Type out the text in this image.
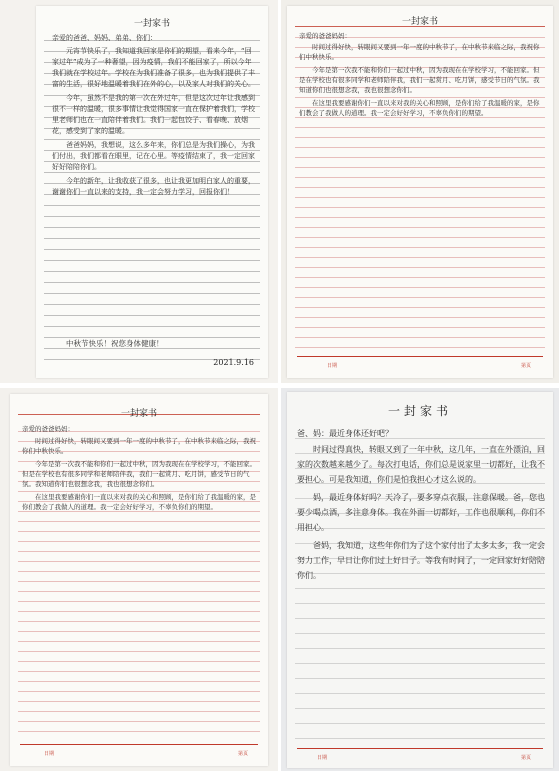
一封家书
亲爱的爸爸、妈妈、弟弟、你们：

元宵节快乐了，我知道我回家是你们的期望，看来今年，“回家过年”成为了一种奢望，因为疫情，我们不能回家了，所以今年我们就在学校过年。学校在为我们准备了很多，也为我们提供了丰富的生活，很好地温暖着我们在外的心，以及家人对我们的关心。

今年，虽然不是我的第一次在外过年，但是这次过年让我感到很不一样的温暖，很多事情让我觉得国家一直在保护着我们，学校里老师们也在一直陪伴着我们。我们一起包饺子、看春晚、放烟花，感受到了家的温暖。

爸爸妈妈，我想说，这么多年来，你们总是为我们操心，为我们付出，我们都看在眼里，记在心里。等疫情结束了，我一定回家好好陪陪你们。

今年的新年，让我收获了很多，也让我更加明白家人的重要，谢谢你们一直以来的支持，我一定会努力学习，回报你们！

中秋节快乐！祝您身体健康！
2021.9.16
一封家书
亲爱的爸爸妈妈：

时间过得好快，转眼间又要到一年一度的中秋节了，在中秋节来临之际，我祝你们中秋快乐。

今年是第一次我不能和你们一起过中秋，因为我现在在学校学习，不能回家。但是在学校也有很多同学和老师陪伴我，我们一起赏月、吃月饼，感受节日的气氛。我知道你们也很想念我，我也很想念你们。

在这里我要感谢你们一直以来对我的关心和照顾，是你们给了我温暖的家，是你们教会了我做人的道理。我一定会好好学习，不辜负你们的期望。

日期	第页
一封家书
亲爱的爸爸妈妈：

时间过得好快，转眼间又要到一年一度的中秋节了，在中秋节来临之际，我祝你们中秋快乐。

今年是第一次我不能和你们一起过中秋，因为我现在在学校学习，不能回家。但是在学校也有很多同学和老师陪伴我，我们一起赏月、吃月饼，感受节日的气氛。我知道你们也很想念我，我也很想念你们。

在这里我要感谢你们一直以来对我的关心和照顾，是你们给了我温暖的家，是你们教会了我做人的道理。我一定会好好学习，不辜负你们的期望。

日期	第页
一封家书
爸、妈：最近身体还好吧？

时间过得真快，转眼又到了一年中秋，这几年，一直在外漂泊，回家的次数越来越少了。每次打电话，你们总是说家里一切都好，让我不要担心。可是我知道，你们是怕我担心才这么说的。

妈，最近身体好吗？天冷了，要多穿点衣服，注意保暖。爸，您也要少喝点酒，多注意身体。我在外面一切都好，工作也很顺利，你们不用担心。

爸妈，我知道，这些年你们为了这个家付出了太多太多，我一定会努力工作，早日让你们过上好日子。等我有时间了，一定回家好好陪陪你们。

日期	第页
